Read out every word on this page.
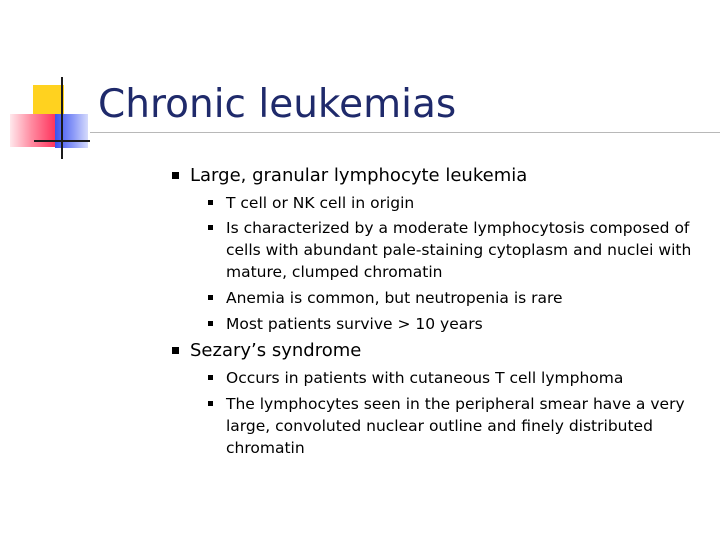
Chronic leukemias
Large, granular lymphocyte leukemia
T cell or NK cell in origin
Is characterized by a moderate lymphocytosis composed of cells with abundant pale-staining cytoplasm and nuclei with mature, clumped chromatin
Anemia is common, but neutropenia is rare
Most patients survive > 10 years
Sezary’s syndrome
Occurs in patients with cutaneous T cell lymphoma
The lymphocytes seen in the peripheral smear have a very large, convoluted nuclear outline and finely distributed chromatin
